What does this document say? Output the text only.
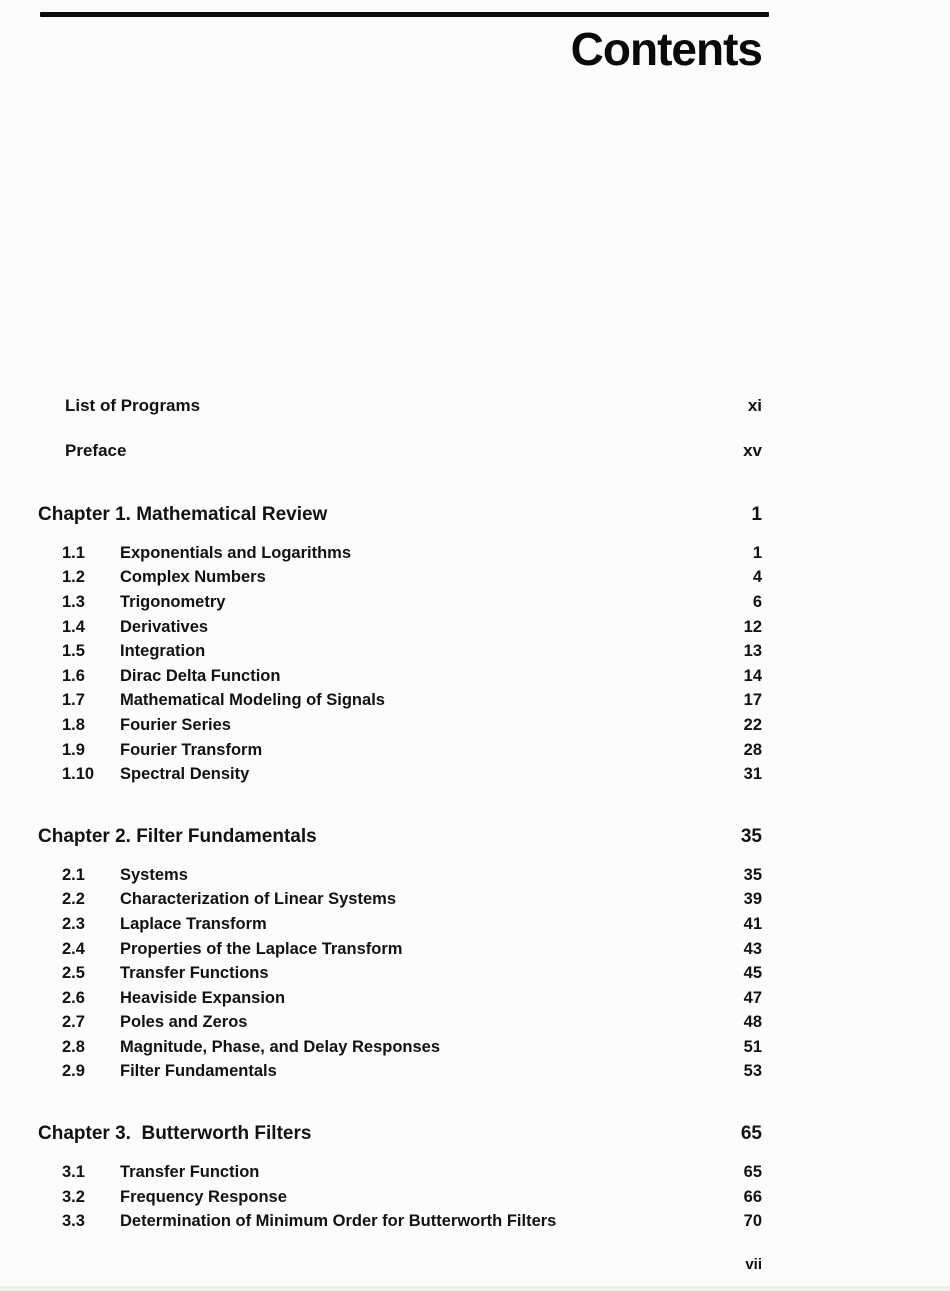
Contents
List of Programs	xi
Preface	xv
Chapter 1. Mathematical Review	1
1.1	Exponentials and Logarithms	1
1.2	Complex Numbers	4
1.3	Trigonometry	6
1.4	Derivatives	12
1.5	Integration	13
1.6	Dirac Delta Function	14
1.7	Mathematical Modeling of Signals	17
1.8	Fourier Series	22
1.9	Fourier Transform	28
1.10	Spectral Density	31
Chapter 2. Filter Fundamentals	35
2.1	Systems	35
2.2	Characterization of Linear Systems	39
2.3	Laplace Transform	41
2.4	Properties of the Laplace Transform	43
2.5	Transfer Functions	45
2.6	Heaviside Expansion	47
2.7	Poles and Zeros	48
2.8	Magnitude, Phase, and Delay Responses	51
2.9	Filter Fundamentals	53
Chapter 3.  Butterworth Filters	65
3.1	Transfer Function	65
3.2	Frequency Response	66
3.3	Determination of Minimum Order for Butterworth Filters	70
vii
